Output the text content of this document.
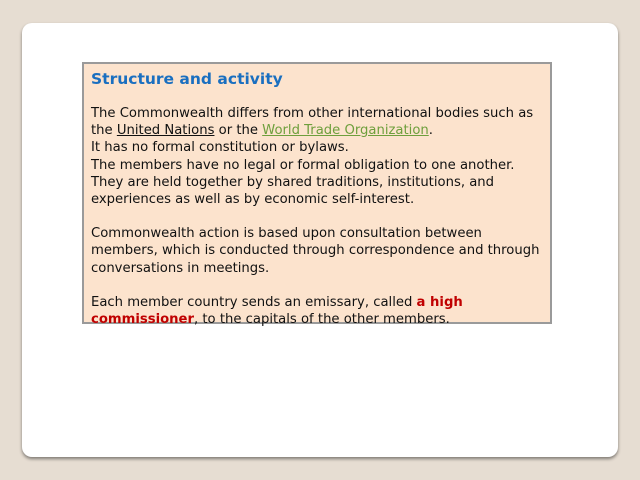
Structure and activity

The Commonwealth differs from other international bodies such as the United Nations or the World Trade Organization.

It has no formal constitution or bylaws.

The members have no legal or formal obligation to one another.

They are held together by shared traditions, institutions, and experiences as well as by economic self-interest.

Commonwealth action is based upon consultation between members, which is conducted through correspondence and through conversations in meetings.

Each member country sends an emissary, called a high commissioner, to the capitals of the other members.
